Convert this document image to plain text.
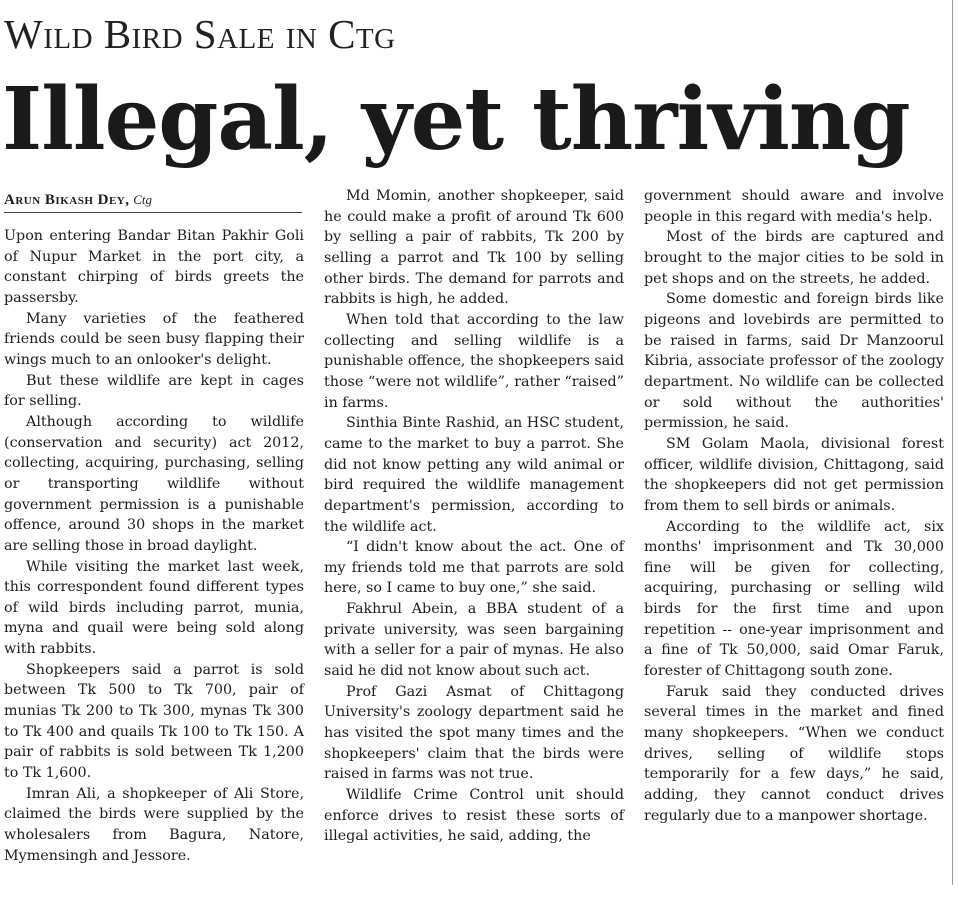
Wild Bird Sale in Ctg
Illegal, yet thriving
Arun Bikash Dey, Ctg

Upon entering Bandar Bitan Pakhir Goli of Nupur Market in the port city, a constant chirping of birds greets the passersby.

Many varieties of the feathered friends could be seen busy flapping their wings much to an onlooker's delight.

But these wildlife are kept in cages for selling.

Although according to wildlife (conservation and security) act 2012, collecting, acquiring, purchasing, selling or transporting wildlife without government permission is a punishable offence, around 30 shops in the market are selling those in broad daylight.

While visiting the market last week, this correspondent found different types of wild birds including parrot, munia, myna and quail were being sold along with rabbits.

Shopkeepers said a parrot is sold between Tk 500 to Tk 700, pair of munias Tk 200 to Tk 300, mynas Tk 300 to Tk 400 and quails Tk 100 to Tk 150. A pair of rabbits is sold between Tk 1,200 to Tk 1,600.

Imran Ali, a shopkeeper of Ali Store, claimed the birds were supplied by the wholesalers from Bagura, Natore, Mymensingh and Jessore.

Md Momin, another shopkeeper, said he could make a profit of around Tk 600 by selling a pair of rabbits, Tk 200 by selling a parrot and Tk 100 by selling other birds. The demand for parrots and rabbits is high, he added.

When told that according to the law collecting and selling wildlife is a punishable offence, the shopkeepers said those “were not wildlife”, rather “raised” in farms.

Sinthia Binte Rashid, an HSC student, came to the market to buy a parrot. She did not know petting any wild animal or bird required the wildlife management department's permission, according to the wildlife act.

“I didn't know about the act. One of my friends told me that parrots are sold here, so I came to buy one,” she said.

Fakhrul Abein, a BBA student of a private university, was seen bargaining with a seller for a pair of mynas. He also said he did not know about such act.

Prof Gazi Asmat of Chittagong University's zoology department said he has visited the spot many times and the shopkeepers' claim that the birds were raised in farms was not true.

Wildlife Crime Control unit should enforce drives to resist these sorts of illegal activities, he said, adding, the

government should aware and involve people in this regard with media's help.

Most of the birds are captured and brought to the major cities to be sold in pet shops and on the streets, he added.

Some domestic and foreign birds like pigeons and lovebirds are permitted to be raised in farms, said Dr Manzoorul Kibria, associate professor of the zoology department. No wildlife can be collected or sold without the authorities' permission, he said.

SM Golam Maola, divisional forest officer, wildlife division, Chittagong, said the shopkeepers did not get permission from them to sell birds or animals.

According to the wildlife act, six months' imprisonment and Tk 30,000 fine will be given for collecting, acquiring, purchasing or selling wild birds for the first time and upon repetition -- one-year imprisonment and a fine of Tk 50,000, said Omar Faruk, forester of Chittagong south zone.

Faruk said they conducted drives several times in the market and fined many shopkeepers. “When we conduct drives, selling of wildlife stops temporarily for a few days,” he said, adding, they cannot conduct drives regularly due to a manpower shortage.
